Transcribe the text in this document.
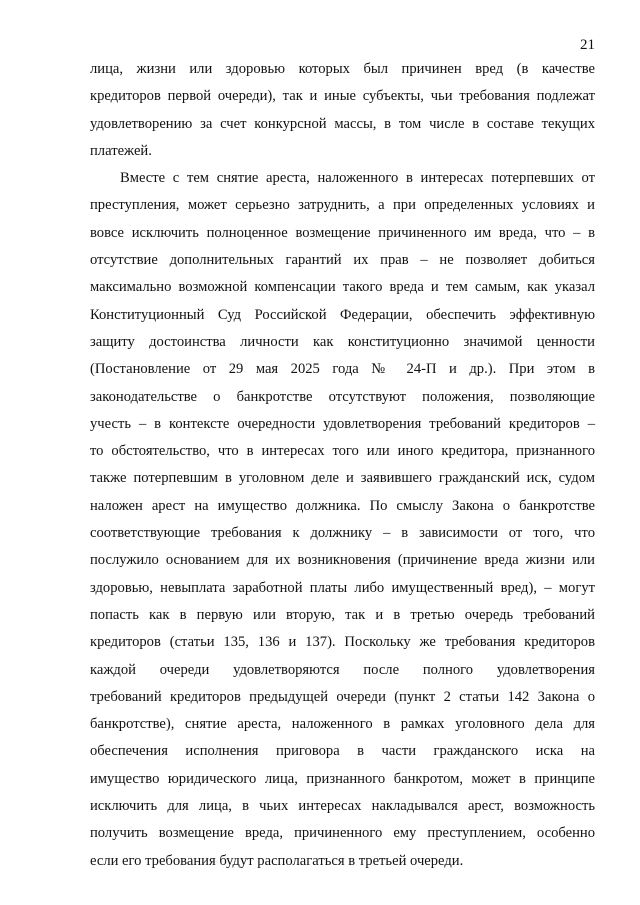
21
лица, жизни или здоровью которых был причинен вред (в качестве
кредиторов первой очереди), так и иные субъекты, чьи требования подлежат
удовлетворению за счет конкурсной массы, в том числе в составе текущих
платежей.
Вместе с тем снятие ареста, наложенного в интересах потерпевших от
преступления, может серьезно затруднить, а при определенных условиях и
вовсе исключить полноценное возмещение причиненного им вреда, что – в
отсутствие дополнительных гарантий их прав – не позволяет добиться
максимально возможной компенсации такого вреда и тем самым, как указал
Конституционный Суд Российской Федерации, обеспечить эффективную
защиту достоинства личности как конституционно значимой ценности
(Постановление от 29 мая 2025 года № 24-П и др.). При этом в
законодательстве о банкротстве отсутствуют положения, позволяющие
учесть – в контексте очередности удовлетворения требований кредиторов –
то обстоятельство, что в интересах того или иного кредитора, признанного
также потерпевшим в уголовном деле и заявившего гражданский иск, судом
наложен арест на имущество должника. По смыслу Закона о банкротстве
соответствующие требования к должнику – в зависимости от того, что
послужило основанием для их возникновения (причинение вреда жизни или
здоровью, невыплата заработной платы либо имущественный вред), – могут
попасть как в первую или вторую, так и в третью очередь требований
кредиторов (статьи 135, 136 и 137). Поскольку же требования кредиторов
каждой очереди удовлетворяются после полного удовлетворения
требований кредиторов предыдущей очереди (пункт 2 статьи 142 Закона о
банкротстве), снятие ареста, наложенного в рамках уголовного дела для
обеспечения исполнения приговора в части гражданского иска на
имущество юридического лица, признанного банкротом, может в принципе
исключить для лица, в чьих интересах накладывался арест, возможность
получить возмещение вреда, причиненного ему преступлением, особенно
если его требования будут располагаться в третьей очереди.
